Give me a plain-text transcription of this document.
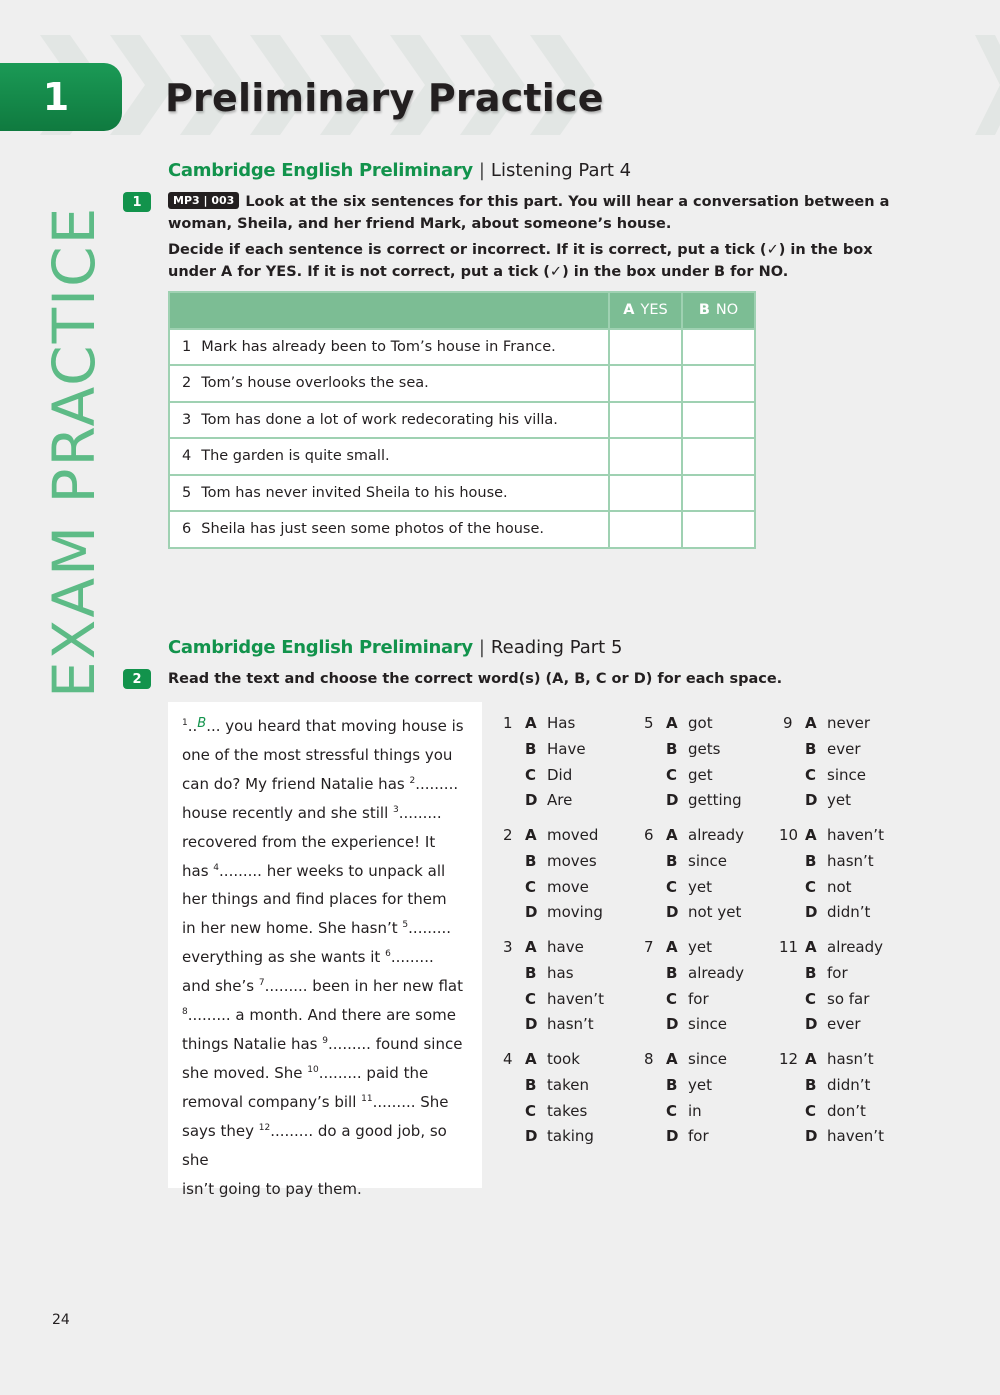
1	Preliminary Practice
EXAM PRACTICE
Cambridge English Preliminary | Listening Part 4
1	MP3 | 003 Look at the six sentences for this part. You will hear a conversation between a woman, Sheila, and her friend Mark, about someone’s house.
Decide if each sentence is correct or incorrect. If it is correct, put a tick (✓) in the box under A for YES. If it is not correct, put a tick (✓) in the box under B for NO.
	A YES	B NO
1 Mark has already been to Tom’s house in France.		
2 Tom’s house overlooks the sea.		
3 Tom has done a lot of work redecorating his villa.		
4 The garden is quite small.		
5 Tom has never invited Sheila to his house.		
6 Sheila has just seen some photos of the house.		
Cambridge English Preliminary | Reading Part 5
2	Read the text and choose the correct word(s) (A, B, C or D) for each space.
$^1$..B... you heard that moving house is
one of the most stressful things you
can do? My friend Natalie has $^2$.........
house recently and she still $^3$.........
recovered from the experience! It
has $^4$......... her weeks to unpack all
her things and find places for them
in her new home. She hasn’t $^5$.........
everything as she wants it $^6$.........
and she’s $^7$......... been in her new flat
$^8$......... a month. And there are some
things Natalie has $^9$......... found since
she moved. She $^{10}$......... paid the
removal company’s bill $^{11}$......... She
says they $^{12}$......... do a good job, so she
isn’t going to pay them.
1 A Has
B Have
C Did
D Are
2 A moved
B moves
C move
D moving
3 A have
B has
C haven’t
D hasn’t
4 A took
B taken
C takes
D taking
5 A got
B gets
C get
D getting
6 A already
B since
C yet
D not yet
7 A yet
B already
C for
D since
8 A since
B yet
C in
D for
9 A never
B ever
C since
D yet
10 A haven’t
B hasn’t
C not
D didn’t
11 A already
B for
C so far
D ever
12 A hasn’t
B didn’t
C don’t
D haven’t
24
